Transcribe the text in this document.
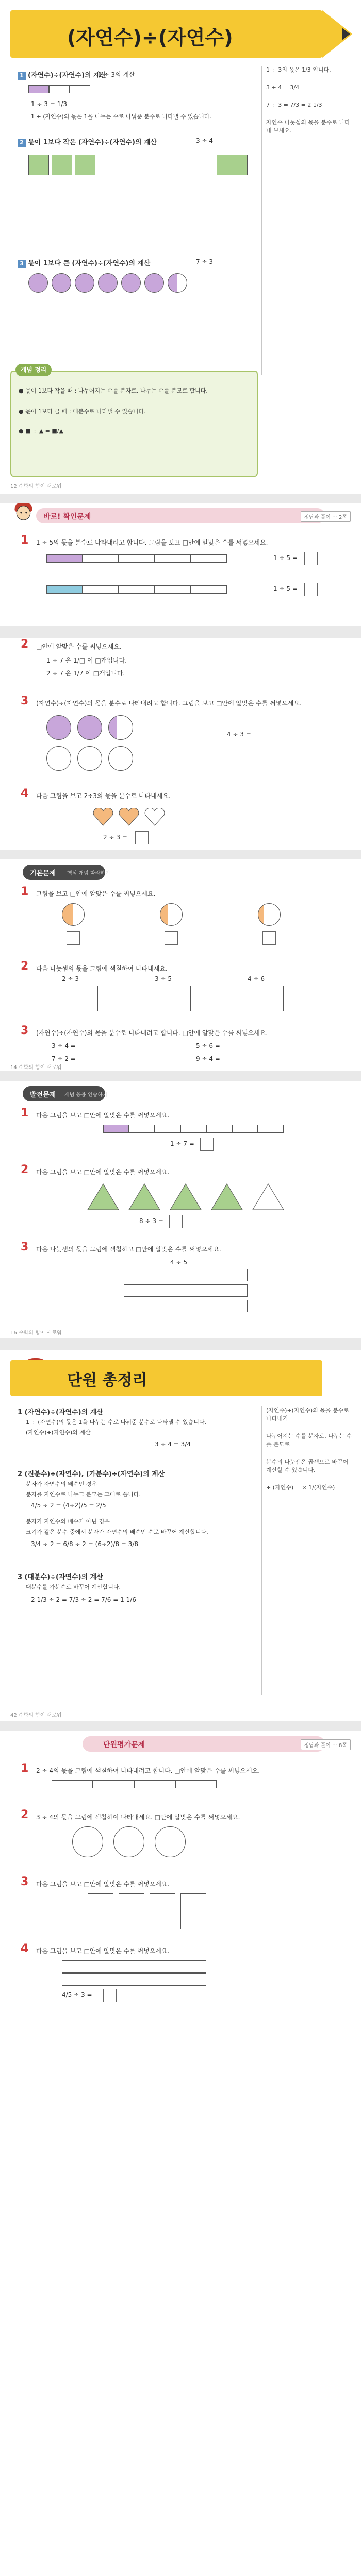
(자연수)÷(자연수)
1 (자연수)÷(자연수)의 계산
1 ÷ 3의 계산
1 ÷ 3 = 1/3
1 ÷ (자연수)의 몫은 1을 나누는 수로 나눠준 분수로 나타낼 수 있습니다.
2 몫이 1보다 작은 (자연수)÷(자연수)의 계산	3 ÷ 4
3 몫이 1보다 큰 (자연수)÷(자연수)의 계산	7 ÷ 3
1 ÷ 3의 몫은 1/3 입니다.
3 ÷ 4 = 3/4
7 ÷ 3 = 7/3 = 2 1/3
자연수 나눗셈의 몫을 분수로 나타내 보세요.
개념 정리
● 몫이 1보다 작을 때 : 나누어지는 수를 분자로, 나누는 수를 분모로 합니다.
● 몫이 1보다 클 때 : 대분수로 나타낼 수 있습니다.
● ■ ÷ ▲ = ■/▲
12 수학의 힘이 새로워
바로! 확인문제	정답과 풀이 ··· 2쪽
1 1 ÷ 5의 몫을 분수로 나타내려고 합니다. 그림을 보고 □안에 알맞은 수를 써넣으세요.
1 ÷ 5 =
1 ÷ 5 =
2 □안에 알맞은 수를 써넣으세요.
1 ÷ 7 은 1/□ 이 □개입니다.
2 ÷ 7 은 1/7 이 □개입니다.
3 (자연수)÷(자연수)의 몫을 분수로 나타내려고 합니다. 그림을 보고 □안에 알맞은 수를 써넣으세요.
4 ÷ 3 =
4 다음 그림을 보고 2÷3의 몫을 분수로 나타내세요.
2 ÷ 3 =
기본문제 핵심 개념 따라하기
1 그림을 보고 □안에 알맞은 수를 써넣으세요.
2 다음 나눗셈의 몫을 그림에 색칠하여 나타내세요.
2 ÷ 3	3 ÷ 5	4 ÷ 6
3 (자연수)÷(자연수)의 몫을 분수로 나타내려고 합니다. □안에 알맞은 수를 써넣으세요.
3 ÷ 4 =	5 ÷ 6 =
7 ÷ 2 =	9 ÷ 4 =
14 수학의 힘이 새로워
발전문제 개념 응용 연습하기
1 다음 그림을 보고 □안에 알맞은 수를 써넣으세요.
1 ÷ 7 =
2 다음 그림을 보고 □안에 알맞은 수를 써넣으세요.
8 ÷ 3 =
3 다음 나눗셈의 몫을 그림에 색칠하고 □안에 알맞은 수를 써넣으세요.
4 ÷ 5
16 수학의 힘이 새로워
단원 총정리
1 (자연수)÷(자연수)의 계산
1 ÷ (자연수)의 몫은 1을 나누는 수로 나눠준 분수로 나타낼 수 있습니다.
(자연수)÷(자연수)의 계산
3 ÷ 4 = 3/4
2 (진분수)÷(자연수), (가분수)÷(자연수)의 계산
분자가 자연수의 배수인 경우
분자를 자연수로 나누고 분모는 그대로 씁니다.
4/5 ÷ 2 = (4÷2)/5 = 2/5
분자가 자연수의 배수가 아닌 경우
크기가 같은 분수 중에서 분자가 자연수의 배수인 수로 바꾸어 계산합니다.
3/4 ÷ 2 = 6/8 ÷ 2 = (6÷2)/8 = 3/8
3 (대분수)÷(자연수)의 계산
대분수를 가분수로 바꾸어 계산합니다.
2 1/3 ÷ 2 = 7/3 ÷ 2 = 7/6 = 1 1/6
(자연수)÷(자연수)의 몫을 분수로 나타내기
나누어지는 수를 분자로, 나누는 수를 분모로
분수의 나눗셈은 곱셈으로 바꾸어 계산할 수 있습니다.
÷ (자연수) = × 1/(자연수)
42 수학의 힘이 새로워
단원평가문제	정답과 풀이 ··· 8쪽
1 2 ÷ 4의 몫을 그림에 색칠하여 나타내려고 합니다. □안에 알맞은 수를 써넣으세요.
2 3 ÷ 4의 몫을 그림에 색칠하여 나타내세요. □안에 알맞은 수를 써넣으세요.
3 다음 그림을 보고 □안에 알맞은 수를 써넣으세요.
4 다음 그림을 보고 □안에 알맞은 수를 써넣으세요.
4/5 ÷ 3 =
